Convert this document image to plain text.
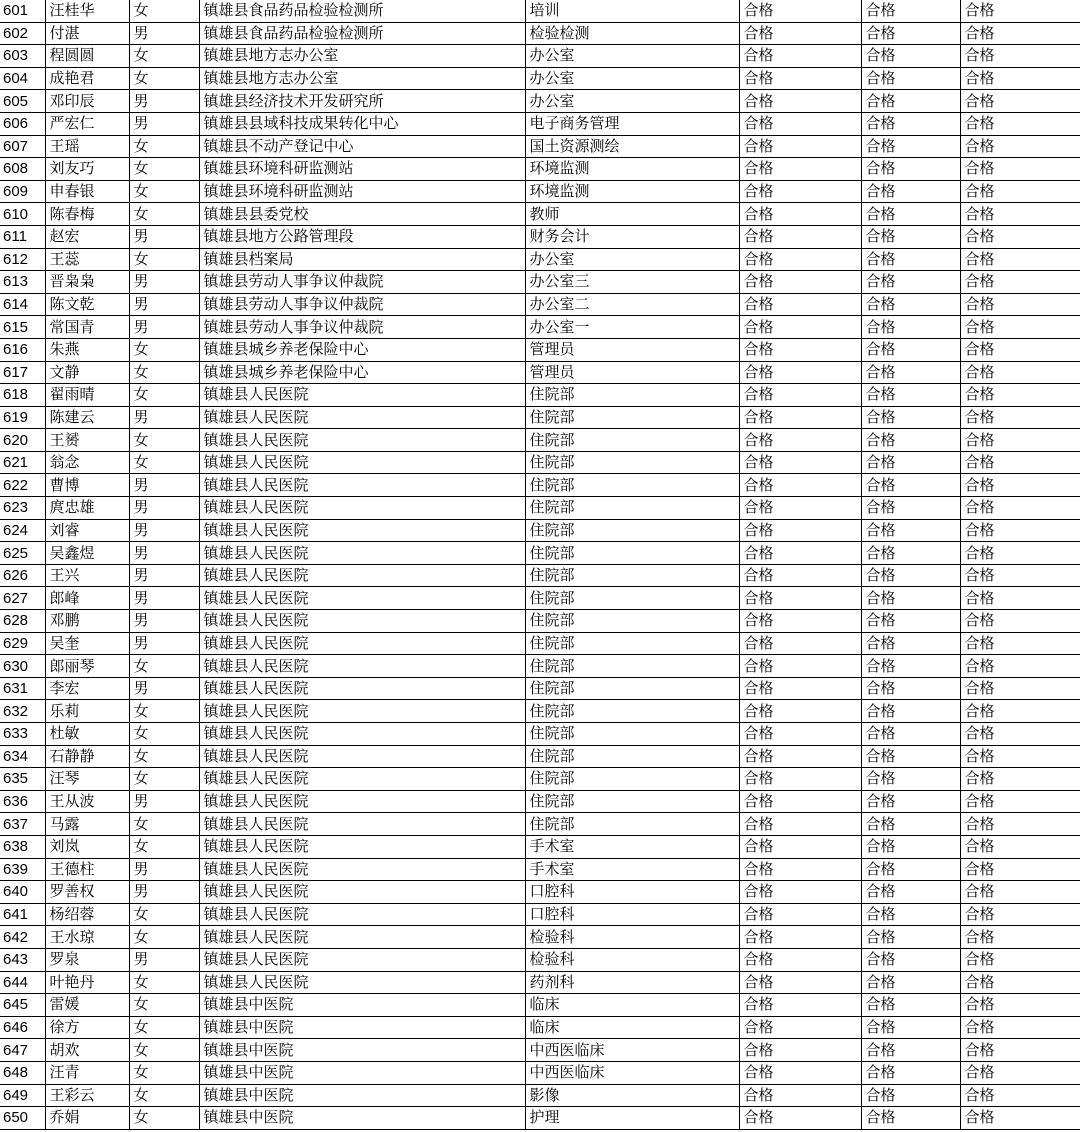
601	汪桂华	女	镇雄县食品药品检验检测所	培训	合格	合格	合格
602	付湛	男	镇雄县食品药品检验检测所	检验检测	合格	合格	合格
603	程圆圆	女	镇雄县地方志办公室	办公室	合格	合格	合格
604	成艳君	女	镇雄县地方志办公室	办公室	合格	合格	合格
605	邓印辰	男	镇雄县经济技术开发研究所	办公室	合格	合格	合格
606	严宏仁	男	镇雄县县域科技成果转化中心	电子商务管理	合格	合格	合格
607	王瑶	女	镇雄县不动产登记中心	国土资源测绘	合格	合格	合格
608	刘友巧	女	镇雄县环境科研监测站	环境监测	合格	合格	合格
609	申春银	女	镇雄县环境科研监测站	环境监测	合格	合格	合格
610	陈春梅	女	镇雄县县委党校	教师	合格	合格	合格
611	赵宏	男	镇雄县地方公路管理段	财务会计	合格	合格	合格
612	王蕊	女	镇雄县档案局	办公室	合格	合格	合格
613	晋枭枭	男	镇雄县劳动人事争议仲裁院	办公室三	合格	合格	合格
614	陈文乾	男	镇雄县劳动人事争议仲裁院	办公室二	合格	合格	合格
615	常国青	男	镇雄县劳动人事争议仲裁院	办公室一	合格	合格	合格
616	朱燕	女	镇雄县城乡养老保险中心	管理员	合格	合格	合格
617	文静	女	镇雄县城乡养老保险中心	管理员	合格	合格	合格
618	翟雨晴	女	镇雄县人民医院	住院部	合格	合格	合格
619	陈建云	男	镇雄县人民医院	住院部	合格	合格	合格
620	王赟	女	镇雄县人民医院	住院部	合格	合格	合格
621	翁念	女	镇雄县人民医院	住院部	合格	合格	合格
622	曹博	男	镇雄县人民医院	住院部	合格	合格	合格
623	庹忠雄	男	镇雄县人民医院	住院部	合格	合格	合格
624	刘睿	男	镇雄县人民医院	住院部	合格	合格	合格
625	吴鑫煜	男	镇雄县人民医院	住院部	合格	合格	合格
626	王兴	男	镇雄县人民医院	住院部	合格	合格	合格
627	郎峰	男	镇雄县人民医院	住院部	合格	合格	合格
628	邓鹏	男	镇雄县人民医院	住院部	合格	合格	合格
629	吴奎	男	镇雄县人民医院	住院部	合格	合格	合格
630	郎丽琴	女	镇雄县人民医院	住院部	合格	合格	合格
631	李宏	男	镇雄县人民医院	住院部	合格	合格	合格
632	乐莉	女	镇雄县人民医院	住院部	合格	合格	合格
633	杜敏	女	镇雄县人民医院	住院部	合格	合格	合格
634	石静静	女	镇雄县人民医院	住院部	合格	合格	合格
635	汪琴	女	镇雄县人民医院	住院部	合格	合格	合格
636	王从波	男	镇雄县人民医院	住院部	合格	合格	合格
637	马露	女	镇雄县人民医院	住院部	合格	合格	合格
638	刘岚	女	镇雄县人民医院	手术室	合格	合格	合格
639	王德柱	男	镇雄县人民医院	手术室	合格	合格	合格
640	罗善权	男	镇雄县人民医院	口腔科	合格	合格	合格
641	杨绍蓉	女	镇雄县人民医院	口腔科	合格	合格	合格
642	王水琼	女	镇雄县人民医院	检验科	合格	合格	合格
643	罗泉	男	镇雄县人民医院	检验科	合格	合格	合格
644	叶艳丹	女	镇雄县人民医院	药剂科	合格	合格	合格
645	雷媛	女	镇雄县中医院	临床	合格	合格	合格
646	徐方	女	镇雄县中医院	临床	合格	合格	合格
647	胡欢	女	镇雄县中医院	中西医临床	合格	合格	合格
648	汪青	女	镇雄县中医院	中西医临床	合格	合格	合格
649	王彩云	女	镇雄县中医院	影像	合格	合格	合格
650	乔娟	女	镇雄县中医院	护理	合格	合格	合格
